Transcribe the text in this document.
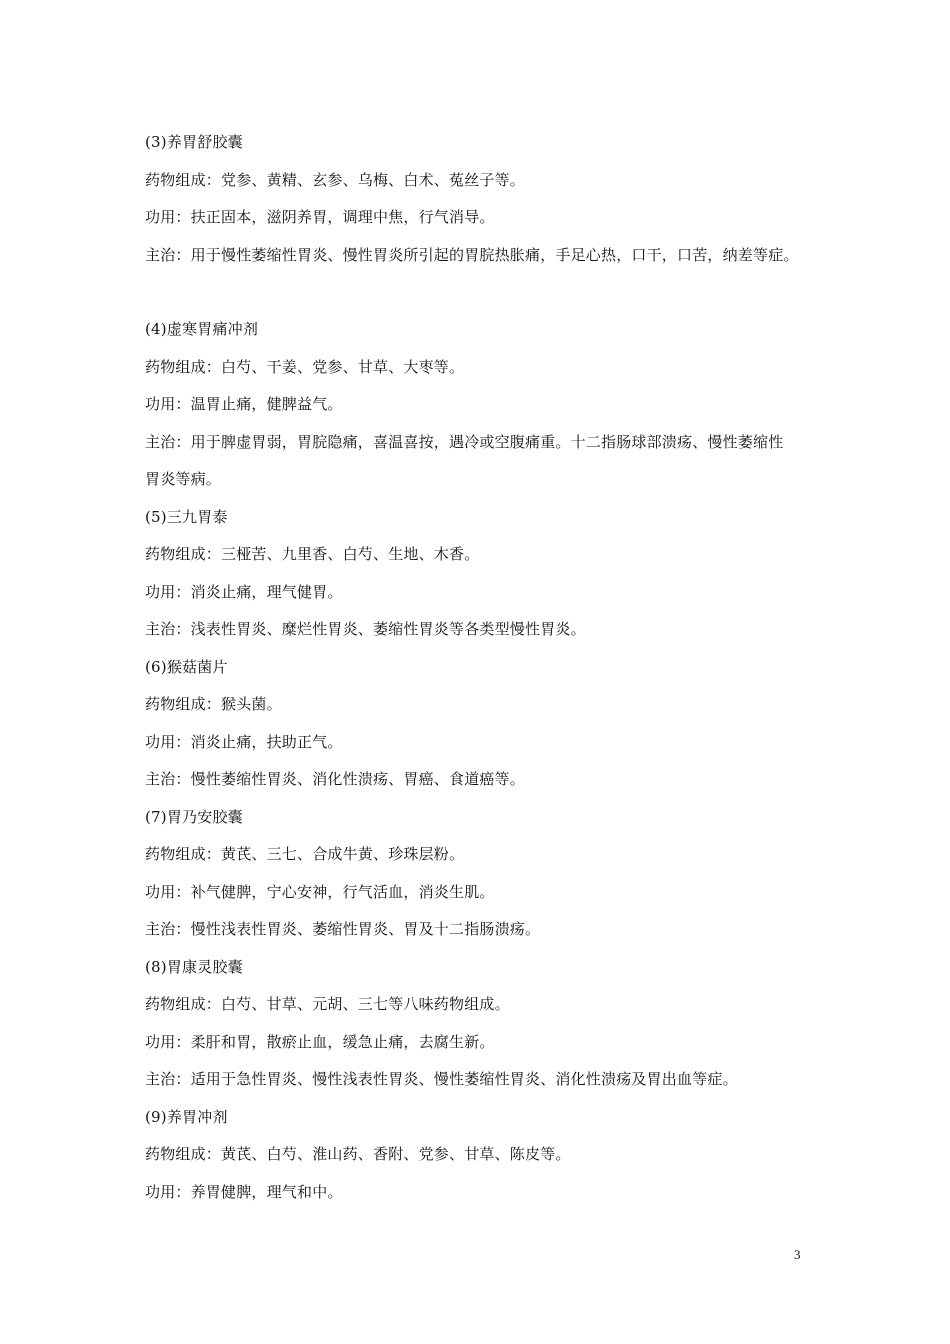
(3)养胃舒胶囊
药物组成：党参、黄精、玄参、乌梅、白术、菟丝子等。
功用：扶正固本，滋阴养胃，调理中焦，行气消导。
主治：用于慢性萎缩性胃炎、慢性胃炎所引起的胃脘热胀痛，手足心热，口干，口苦，纳差等症。
(4)虚寒胃痛冲剂
药物组成：白芍、干姜、党参、甘草、大枣等。
功用：温胃止痛，健脾益气。
主治：用于脾虚胃弱，胃脘隐痛，喜温喜按，遇冷或空腹痛重。十二指肠球部溃疡、慢性萎缩性
胃炎等病。
(5)三九胃泰
药物组成：三桠苦、九里香、白芍、生地、木香。
功用：消炎止痛，理气健胃。
主治：浅表性胃炎、糜烂性胃炎、萎缩性胃炎等各类型慢性胃炎。
(6)猴菇菌片
药物组成：猴头菌。
功用：消炎止痛，扶助正气。
主治：慢性萎缩性胃炎、消化性溃疡、胃癌、食道癌等。
(7)胃乃安胶囊
药物组成：黄芪、三七、合成牛黄、珍珠层粉。
功用：补气健脾，宁心安神，行气活血，消炎生肌。
主治：慢性浅表性胃炎、萎缩性胃炎、胃及十二指肠溃疡。
(8)胃康灵胶囊
药物组成：白芍、甘草、元胡、三七等八味药物组成。
功用：柔肝和胃，散瘀止血，缓急止痛，去腐生新。
主治：适用于急性胃炎、慢性浅表性胃炎、慢性萎缩性胃炎、消化性溃疡及胃出血等症。
(9)养胃冲剂
药物组成：黄芪、白芍、淮山药、香附、党参、甘草、陈皮等。
功用：养胃健脾，理气和中。
3
